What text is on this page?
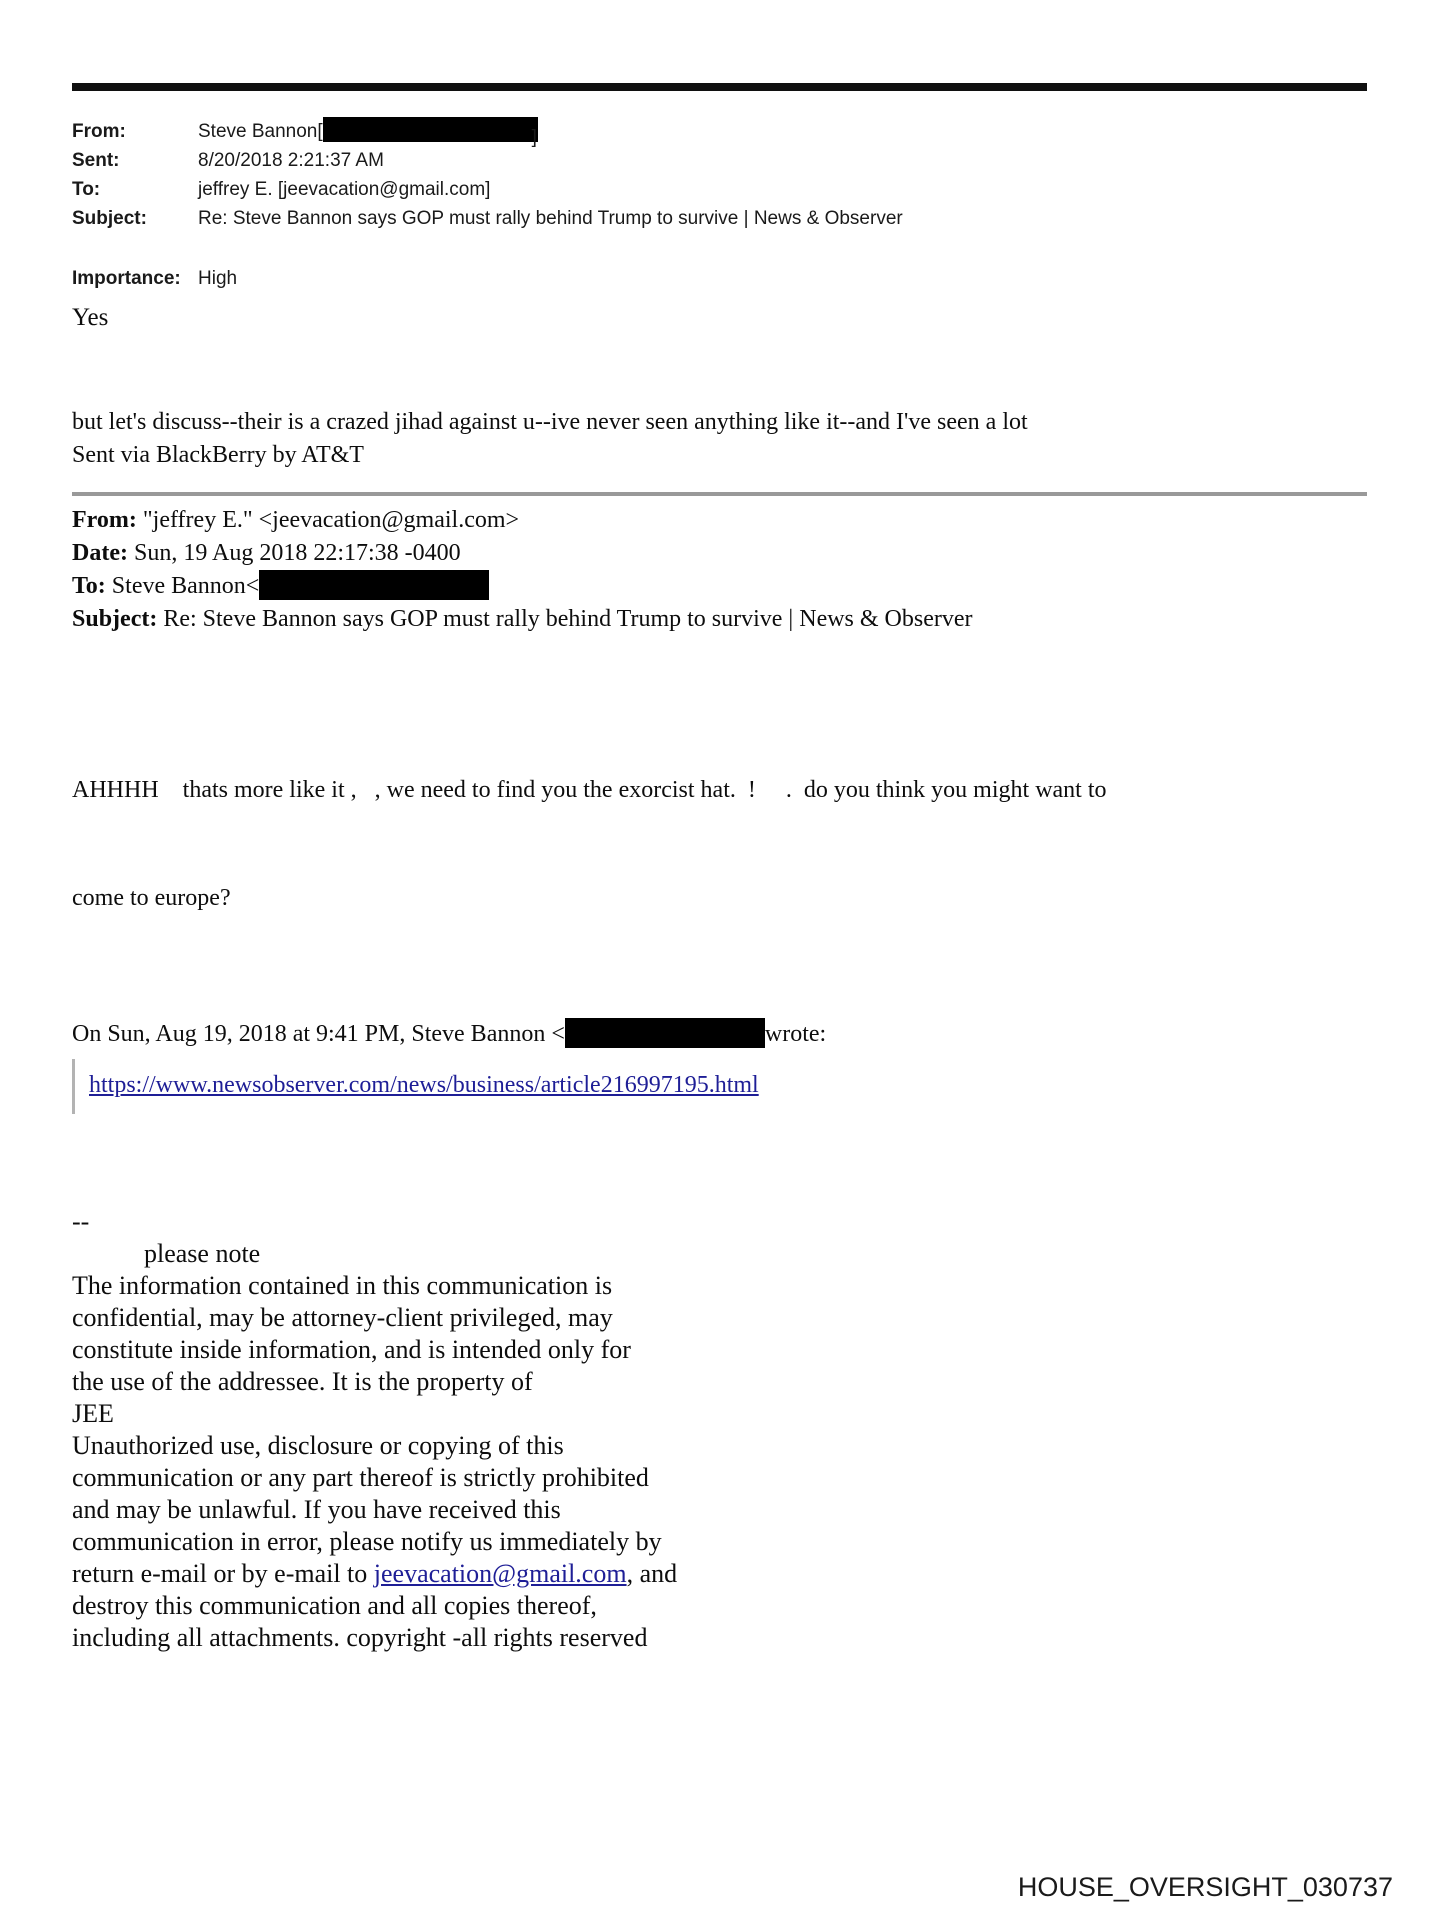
From:	Steve Bannon[	]
Sent:	8/20/2018 2:21:37 AM
To:	jeffrey E. [jeevacation@gmail.com]
Subject:	Re: Steve Bannon says GOP must rally behind Trump to survive | News & Observer
Importance: High
Yes
but let's discuss--their is a crazed jihad against u--ive never seen anything like it--and I've seen a lot
Sent via BlackBerry by AT&T
From: "jeffrey E." <jeevacation@gmail.com>
Date: Sun, 19 Aug 2018 22:17:38 -0400
To: Steve Bannon<
Subject: Re: Steve Bannon says GOP must rally behind Trump to survive | News & Observer

AHHHH    thats more like it ,   , we need to find you the exorcist hat.  !     .  do you think you might want to

come to europe?

On Sun, Aug 19, 2018 at 9:41 PM, Steve Bannon <	wrote:
https://www.newsobserver.com/news/business/article216997195.html
--
please note
The information contained in this communication is
confidential, may be attorney-client privileged, may
constitute inside information, and is intended only for
the use of the addressee. It is the property of
JEE
Unauthorized use, disclosure or copying of this
communication or any part thereof is strictly prohibited
and may be unlawful. If you have received this
communication in error, please notify us immediately by
return e-mail or by e-mail to jeevacation@gmail.com, and
destroy this communication and all copies thereof,
including all attachments. copyright -all rights reserved
HOUSE_OVERSIGHT_030737
